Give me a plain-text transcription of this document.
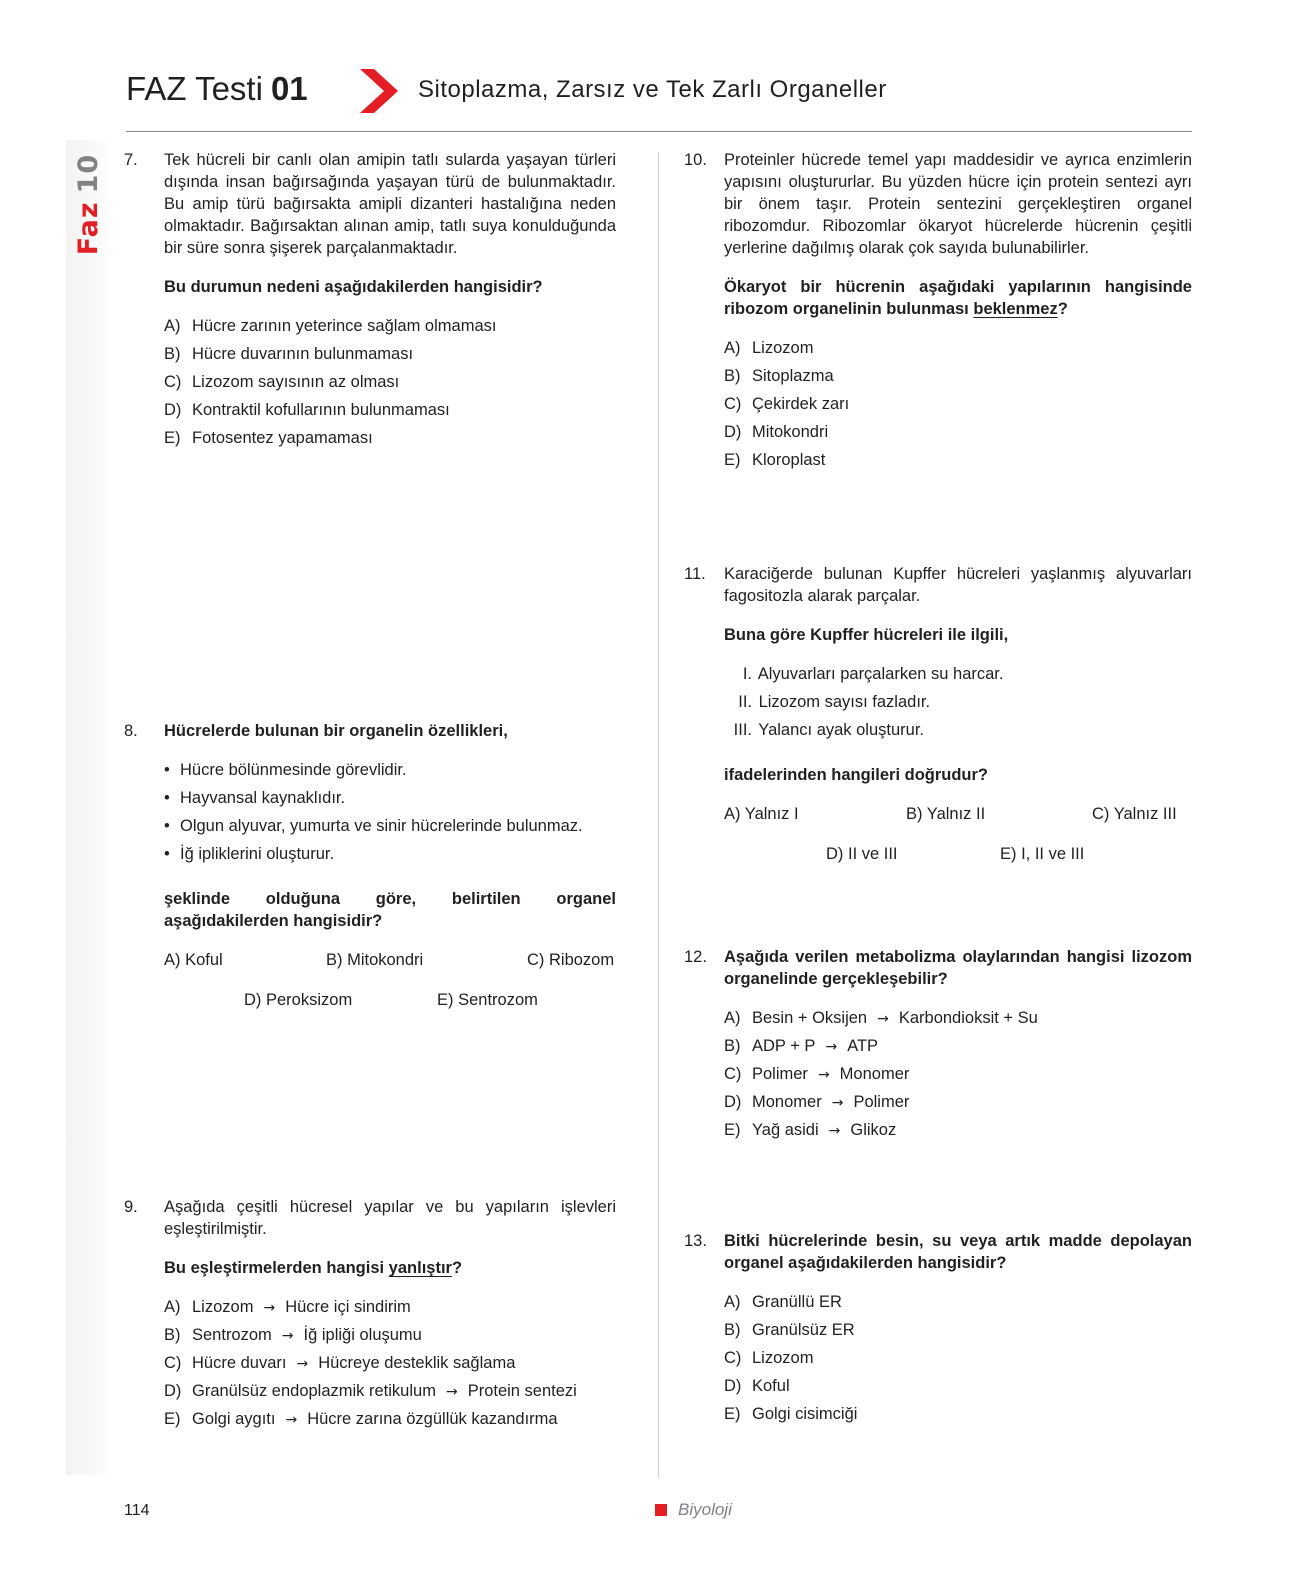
Faz10
FAZ Testi 01	Sitoplazma, Zarsız ve Tek Zarlı Organeller
7. Tek hücreli bir canlı olan amipin tatlı sularda yaşayan türleri dışında insan bağırsağında yaşayan türü de bulunmaktadır. Bu amip türü bağırsakta amipli dizanteri hastalığına neden olmaktadır. Bağırsaktan alınan amip, tatlı suya konulduğunda bir süre sonra şişerek parçalanmaktadır.

Bu durumun nedeni aşağıdakilerden hangisidir?

A) Hücre zarının yeterince sağlam olmaması
B) Hücre duvarının bulunmaması
C) Lizozom sayısının az olması
D) Kontraktil kofullarının bulunmaması
E) Fotosentez yapamaması
8. Hücrelerde bulunan bir organelin özellikleri,

• Hücre bölünmesinde görevlidir.
• Hayvansal kaynaklıdır.
• Olgun alyuvar, yumurta ve sinir hücrelerinde bulunmaz.
• İğ ipliklerini oluşturur.

şeklinde olduğuna göre, belirtilen organel aşağıdakilerden hangisidir?

A) Koful	B) Mitokondri	C) Ribozom
D) Peroksizom	E) Sentrozom
9. Aşağıda çeşitli hücresel yapılar ve bu yapıların işlevleri eşleştirilmiştir.

Bu eşleştirmelerden hangisi yanlıştır?

A) Lizozom → Hücre içi sindirim
B) Sentrozom → İğ ipliği oluşumu
C) Hücre duvarı → Hücreye desteklik sağlama
D) Granülsüz endoplazmik retikulum → Protein sentezi
E) Golgi aygıtı → Hücre zarına özgüllük kazandırma
10. Proteinler hücrede temel yapı maddesidir ve ayrıca enzimlerin yapısını oluştururlar. Bu yüzden hücre için protein sentezi ayrı bir önem taşır. Protein sentezini gerçekleştiren organel ribozomdur. Ribozomlar ökaryot hücrelerde hücrenin çeşitli yerlerine dağılmış olarak çok sayıda bulunabilirler.

Ökaryot bir hücrenin aşağıdaki yapılarının hangisinde ribozom organelinin bulunması beklenmez?

A) Lizozom
B) Sitoplazma
C) Çekirdek zarı
D) Mitokondri
E) Kloroplast
11. Karaciğerde bulunan Kupffer hücreleri yaşlanmış alyuvarları fagositozla alarak parçalar.

Buna göre Kupffer hücreleri ile ilgili,

I. Alyuvarları parçalarken su harcar.
II. Lizozom sayısı fazladır.
III. Yalancı ayak oluşturur.

ifadelerinden hangileri doğrudur?

A) Yalnız I	B) Yalnız II	C) Yalnız III
D) II ve III	E) I, II ve III
12. Aşağıda verilen metabolizma olaylarından hangisi lizozom organelinde gerçekleşebilir?

A) Besin + Oksijen → Karbondioksit + Su
B) ADP + P → ATP
C) Polimer → Monomer
D) Monomer → Polimer
E) Yağ asidi → Glikoz
13. Bitki hücrelerinde besin, su veya artık madde depolayan organel aşağıdakilerden hangisidir?

A) Granüllü ER
B) Granülsüz ER
C) Lizozom
D) Koful
E) Golgi cisimciği
114	Biyoloji
